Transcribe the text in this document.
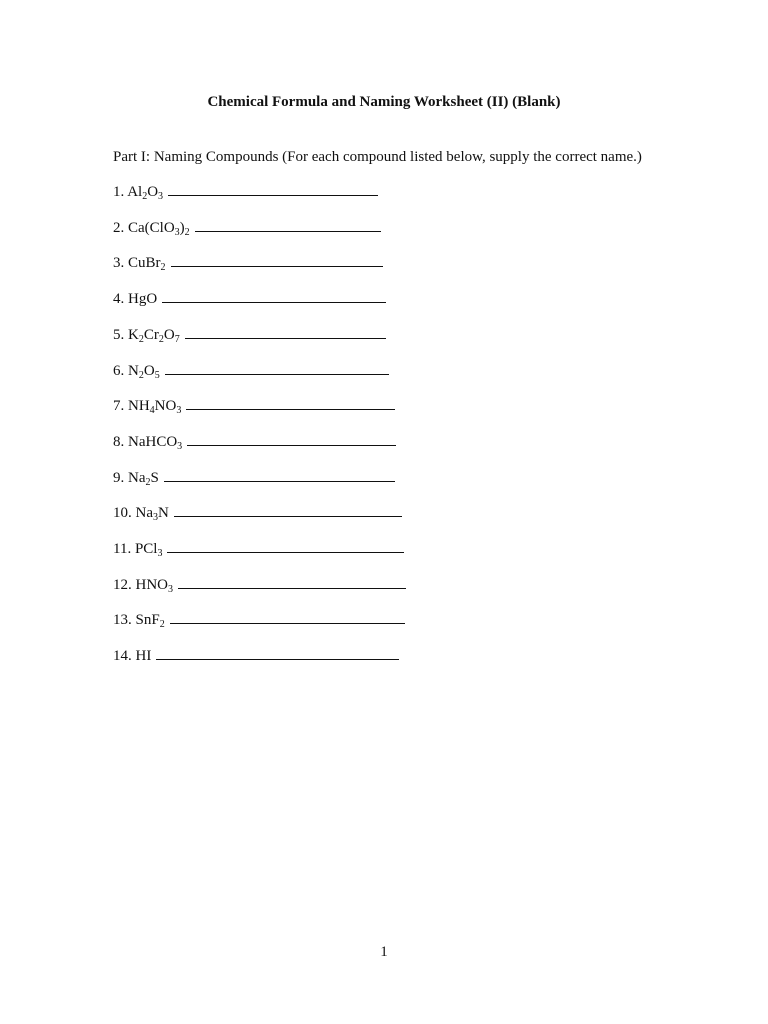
Chemical Formula and Naming Worksheet (II) (Blank)
Part I: Naming Compounds (For each compound listed below, supply the correct name.)
1. $Al_2O_3$
2. $Ca(ClO_3)_2$
3. CuBr$_2$
4. HgO
5. $K_2Cr_2O_7$
6. $N_2O_5$
7. $NH_4NO_3$
8. NaHCO$_3$
9. $Na_2S$
10. $Na_3N$
11. PCl$_3$
12. $HNO_3$
13. SnF$_2$
14. HI
1
